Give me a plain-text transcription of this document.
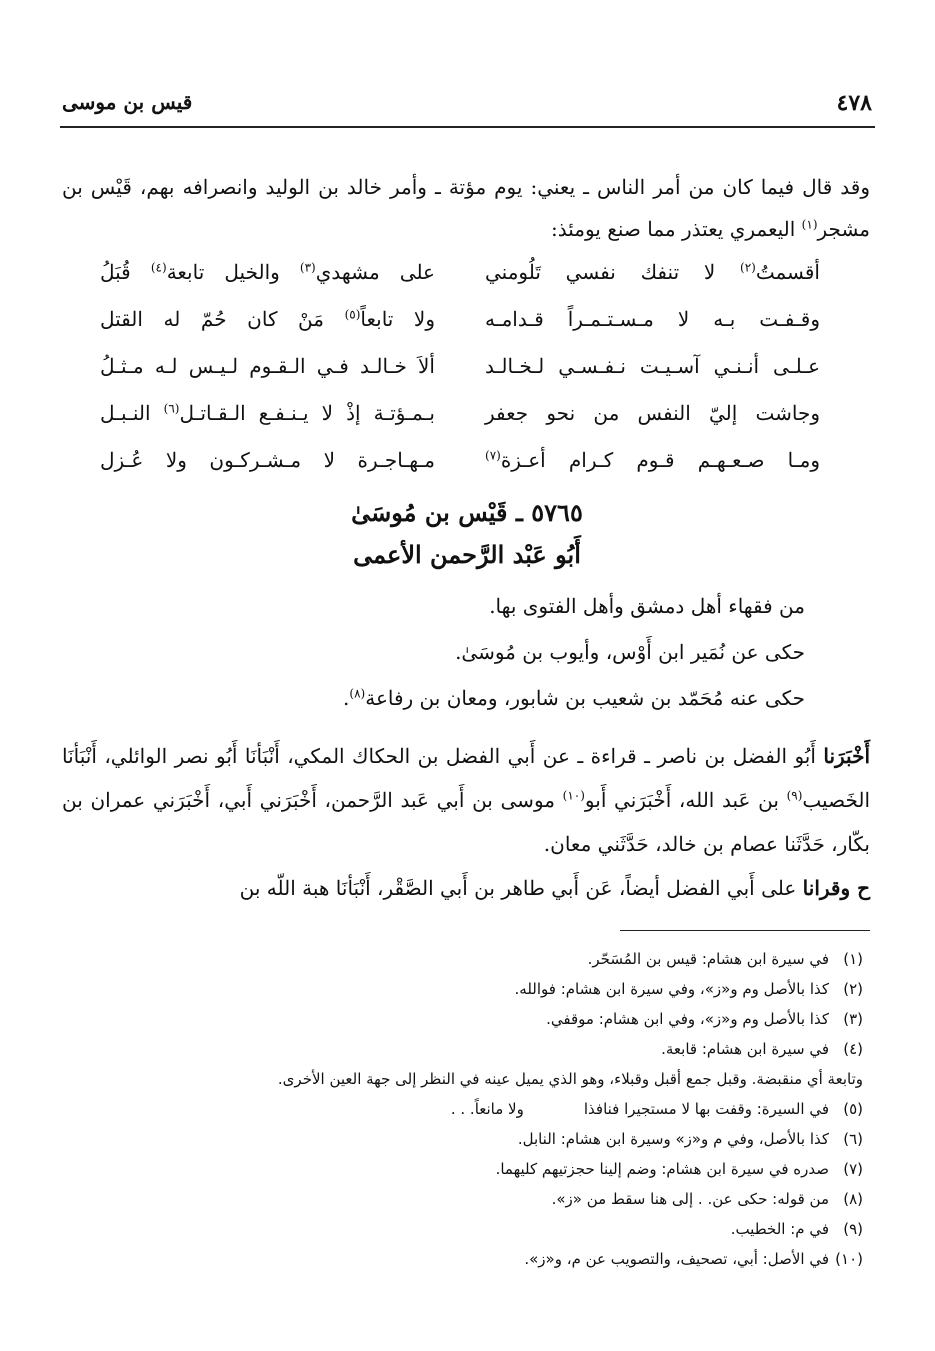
٤٧٨
قيس بن موسى
وقد قال فيما كان من أمر الناس ـ يعني: يوم مؤتة ـ وأمر خالد بن الوليد وانصرافه بهم، قَيْس بن مشجر$^{(١)}$ اليعمري يعتذر مما صنع يومئذ:
أقسمتُ$^{(٢)}$ لا تنفك نفسي تَلُومني
على مشهدي$^{(٣)}$ والخيل تابعة$^{(٤)}$ قُبَلُ
وقـفـت بـه لا مـسـتـمـراً قـدامـه
ولا تابعاً$^{(٥)}$ مَنْ كان حُمّ له القتل
عـلـى أنـنـي آسـيـت نـفـسـي لـخـالـد
ألاَ خـالـد فـي الـقـوم لـيـس لـه مـثـلُ
وجاشت إليّ النفس من نحو جعفر
بـمـؤتـة إذْ لا يـنـفـع الـقـاتـل$^{(٦)}$ النـبـل
ومـا صـعـهـم قـوم كـرام أعـزة$^{(٧)}$
مـهـاجـرة لا مـشـركـون ولا عُـزل
٥٧٦٥ ـ قَيْس بن مُوسَىٰ
أَبُو عَبْد الرَّحمن الأعمى
من فقهاء أهل دمشق وأهل الفتوى بها.
حكى عن نُمَير ابن أَوْس، وأيوب بن مُوسَىٰ.
حكى عنه مُحَمّد بن شعيب بن شابور، ومعان بن رفاعة$^{(٨)}$.
أَخْبَرَنا أَبُو الفضل بن ناصر ـ قراءة ـ عن أَبي الفضل بن الحكاك المكي، أَنْبَأنَا أَبُو نصر الوائلي، أَنْبَأنَا الخَصيب$^{(٩)}$ بن عَبد الله، أَخْبَرَني أَبو$^{(١٠)}$ موسى بن أَبي عَبد الرَّحمن، أَخْبَرَني أَبي، أَخْبَرَني عمران بن بكّار، حَدَّثَنا عصام بن خالد، حَدَّثَني معان.
ح وقرانا على أَبي الفضل أيضاً، عَن أَبي طاهر بن أَبي الصَّقْر، أَنْبَأنَا هبة اللّه بن
(١)في سيرة ابن هشام: قيس بن المُسَحّر.
(٢)كذا بالأصل وم و«ز»، وفي سيرة ابن هشام: فوالله.
(٣)كذا بالأصل وم و«ز»، وفي ابن هشام: موقفي.
(٤)في سيرة ابن هشام: قابعة.
وتابعة أي منقبضة. وقبل جمع أقبل وقبلاء، وهو الذي يميل عينه في النظر إلى جهة العين الأخرى.
(٥)في السيرة: وقفت بها لا مستجيرا فنافذاولا مانعاً. . .
(٦)كذا بالأصل، وفي م و«ز» وسيرة ابن هشام: النابل.
(٧)صدره في سيرة ابن هشام: وضم إلينا حجزتيهم كليهما.
(٨)من قوله: حكى عن. . إلى هنا سقط من «ز».
(٩)في م: الخطيب.
(١٠)في الأصل: أبي، تصحيف، والتصويب عن م، و«ز».
